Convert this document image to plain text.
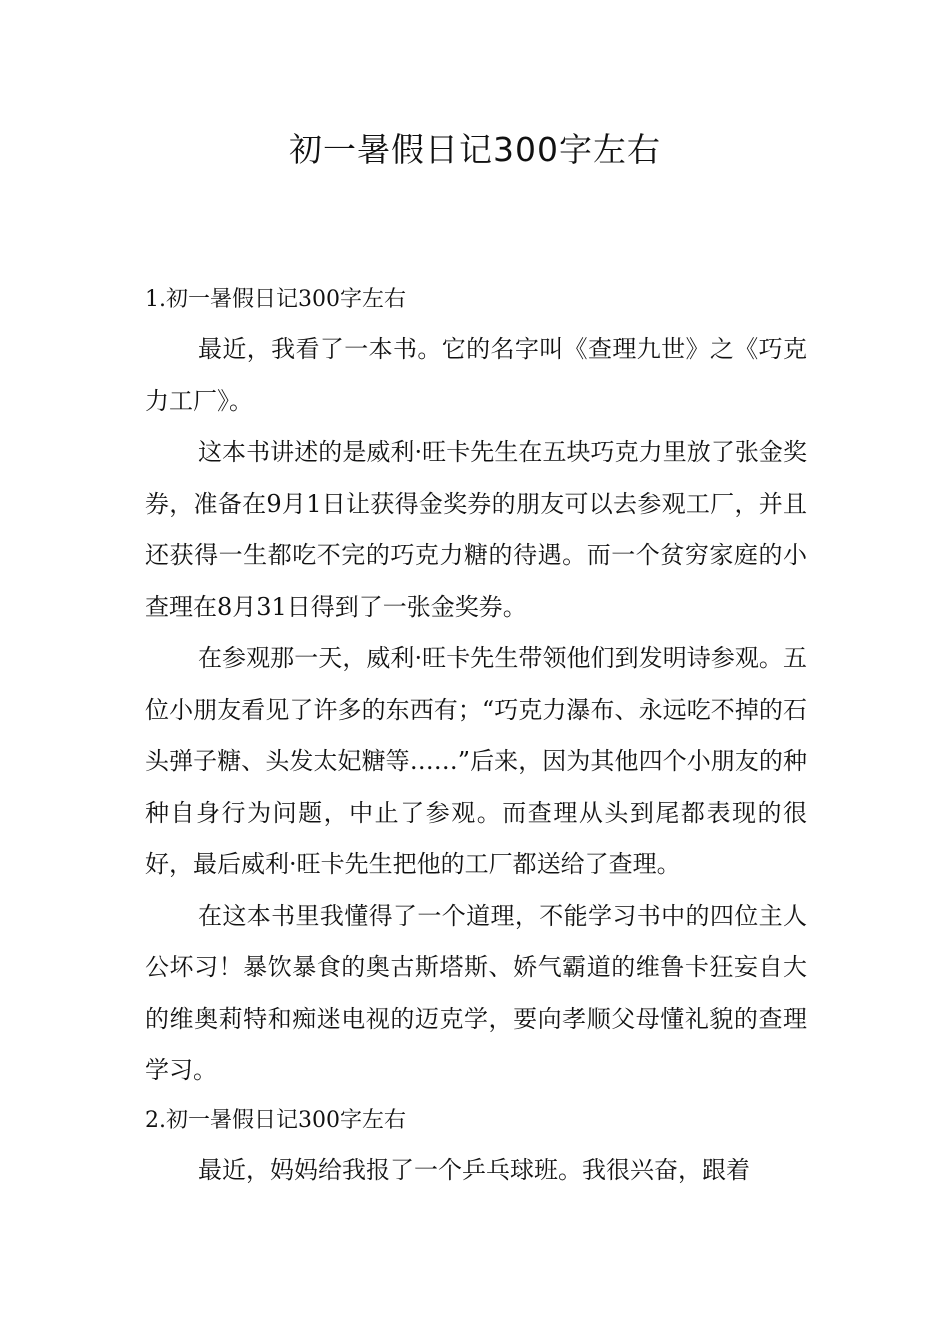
初一暑假日记300字左右
1.初一暑假日记300字左右

最近，我看了一本书。它的名字叫《查理九世》之《巧克力工厂》。

这本书讲述的是威利·旺卡先生在五块巧克力里放了张金奖券，准备在9月1日让获得金奖券的朋友可以去参观工厂，并且还获得一生都吃不完的巧克力糖的待遇。而一个贫穷家庭的小查理在8月31日得到了一张金奖券。

在参观那一天，威利·旺卡先生带领他们到发明诗参观。五位小朋友看见了许多的东西有；“巧克力瀑布、永远吃不掉的石头弹子糖、头发太妃糖等……”后来，因为其他四个小朋友的种种自身行为问题，中止了参观。而查理从头到尾都表现的很好，最后威利·旺卡先生把他的工厂都送给了查理。

在这本书里我懂得了一个道理，不能学习书中的四位主人公坏习！暴饮暴食的奥古斯塔斯、娇气霸道的维鲁卡狂妄自大的维奥莉特和痴迷电视的迈克学，要向孝顺父母懂礼貌的查理学习。

2.初一暑假日记300字左右

最近，妈妈给我报了一个乒乓球班。我很兴奋，跟着
